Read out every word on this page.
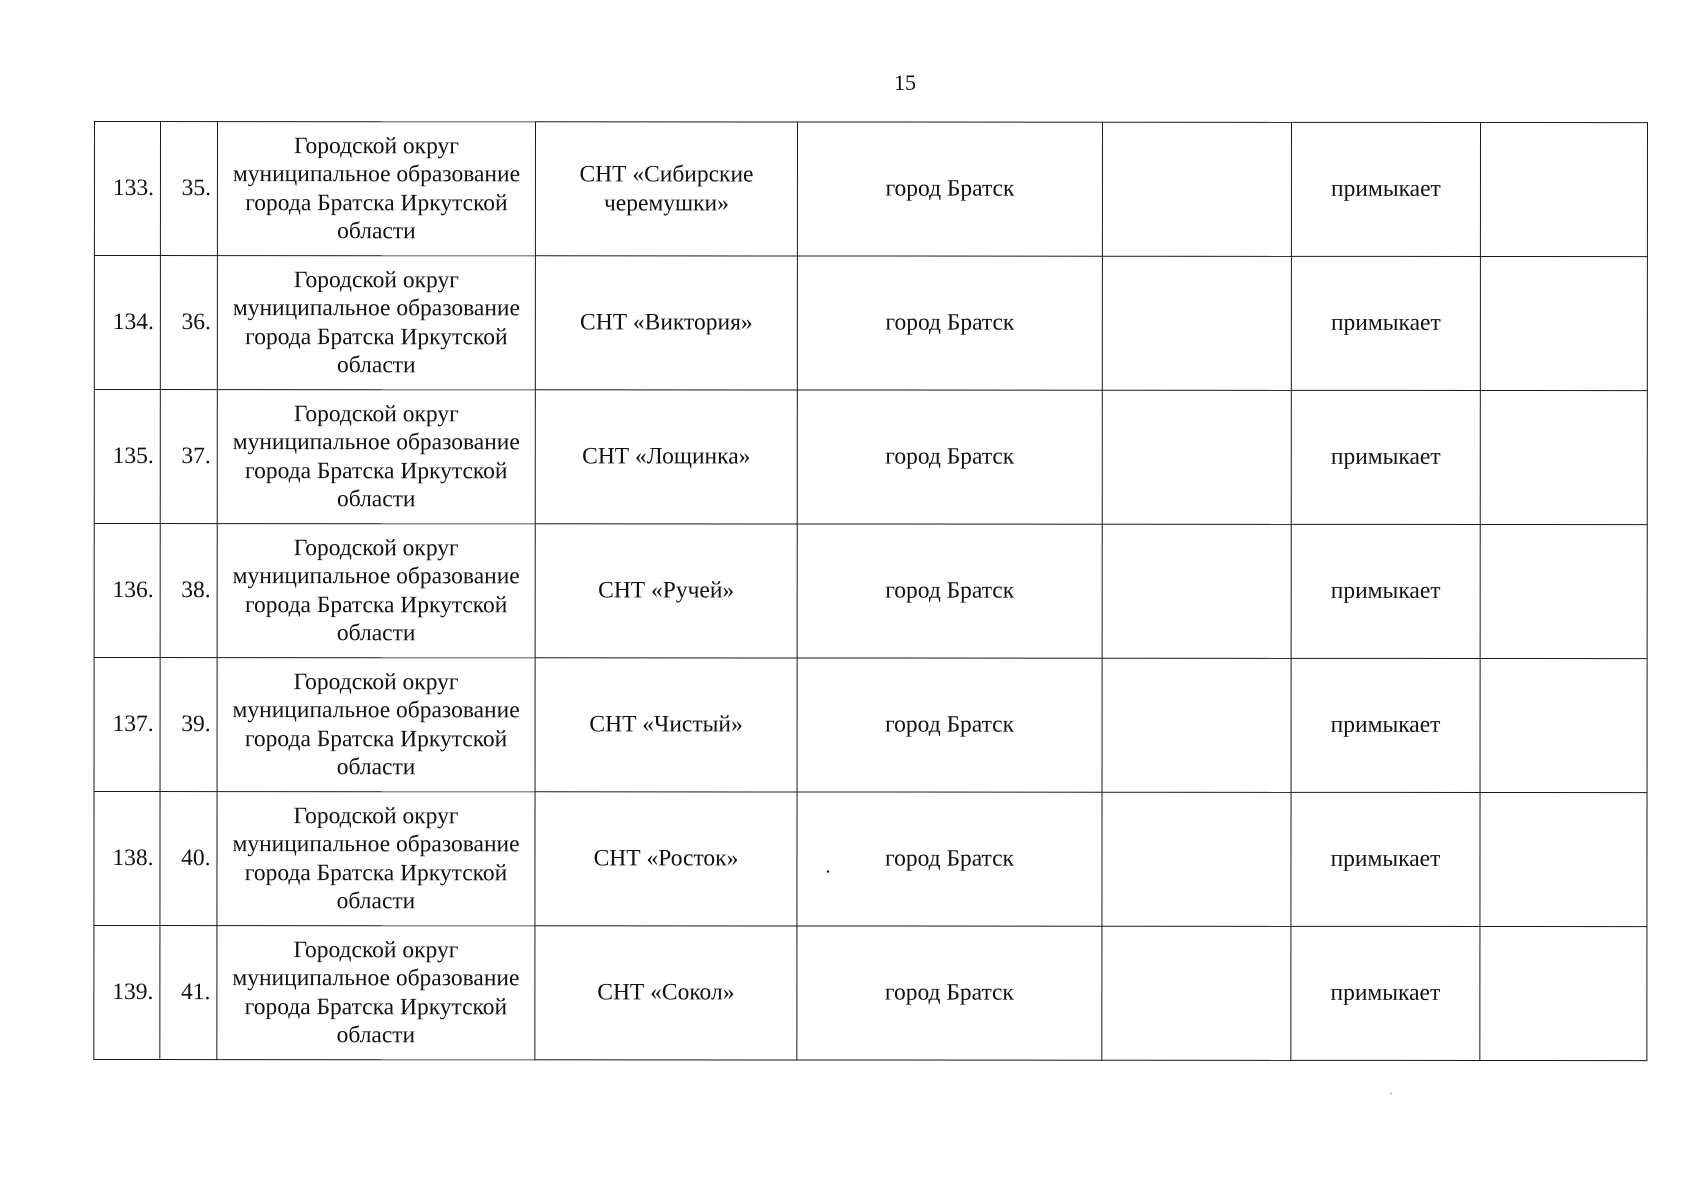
15
133.	35.	Городской округ муниципальное образование города Братска Иркутской области	СНТ «Сибирские черемушки»	город Братск		примыкает	
134.	36.	Городской округ муниципальное образование города Братска Иркутской области	СНТ «Виктория»	город Братск		примыкает	
135.	37.	Городской округ муниципальное образование города Братска Иркутской области	СНТ «Лощинка»	город Братск		примыкает	
136.	38.	Городской округ муниципальное образование города Братска Иркутской области	СНТ «Ручей»	город Братск		примыкает	
137.	39.	Городской округ муниципальное образование города Братска Иркутской области	СНТ «Чистый»	город Братск		примыкает	
138.	40.	Городской округ муниципальное образование города Братска Иркутской области	СНТ «Росток»	. город Братск		примыкает	
139.	41.	Городской округ муниципальное образование города Братска Иркутской области	СНТ «Сокол»	город Братск		примыкает	
